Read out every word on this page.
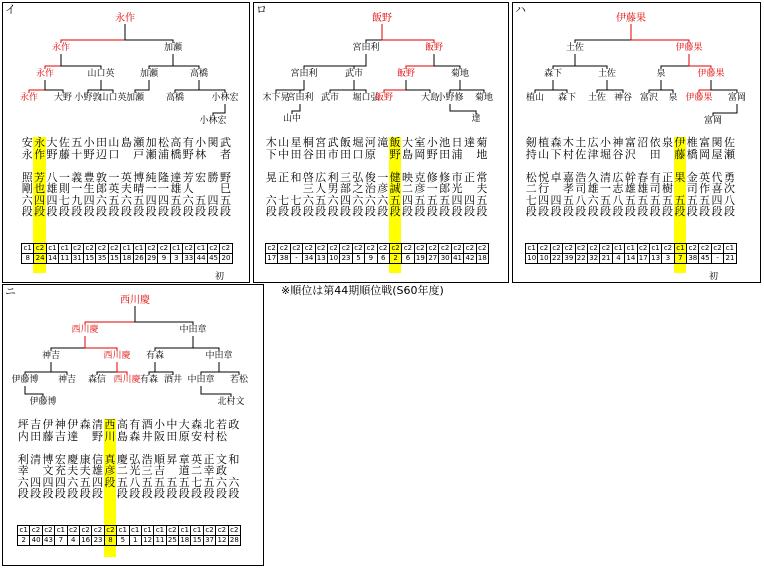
イ
永作
永作	加瀬
永作	山口英	加瀬	高橋
永作 大野 小野敦
山口英 加瀬 高橋	小林宏
小林宏
安
永
照
剛
六
段
永
作
芳
也
四
段
大
野
八
雄
四
段
佐
藤
一
則
七
段
五
十
義
一
九
段
小
野
豊
生
四
段
田
辺
敦
郎
六
段
山
口
一
英
五
段
島
英
夫
六
段
瀬
戸
博
晴
五
段
加
瀬
純
一
四
段
松
浦
隆
一
四
段
高
橋
達
雄
五
段
有
野
芳
人
六
段
小
林
宏
五
段
関
勝
四
段
武
者
野
巳
五
段
c1	c2	c1	c1	c2	c2	c2	c2	c1	c1	c2	c2	c1	c2	c1	c2	c2
8	24	14	11	31	15	35	15	18	26	29	9	3	33	44	45	20
初
ロ
飯野
宮田利	飯野
宮田利	武市	飯野	菊地
木下晃
宮田利 武市 堀口弘
飯野	大島
小野修 菊地
山中	達
木
下
晃
六
段
山
中
正
七
段
星
田
和
七
段
桐
谷
啓
三
六
段
宮
田
広
人
五
段
武
市
利
男
六
段
飯
田
三
部
四
段
堀
口
弘
之
六
段
河
原
俊
治
六
段
滝
一
彦
六
段
飯
野
健
誠
五
段
大
島
映
二
四
段
室
岡
克
彦
五
段
小
野
修
一
五
段
池
田
修
郎
五
段
日
浦
市
光
四
段
達
正
四
段
菊
地
常
夫
五
段
c2	c2	c2	c2	c2	c2	c2	c2	c2	c2	c2	c2	c2	c2	c2	c2	c2	c2
17	38	-	34	13	10	23	5	9	6	2	6	19	27	30	41	42	18
ハ
伊藤果
土佐	伊藤果
森下	土佐	泉	伊藤果
植山 森下 土佐 神谷 富沢 泉 伊藤果 富岡
富岡
剱
持
松
二
七
段
植
山
悦
行
四
段
森
下
卓
四
段
木
村
嘉
孝
五
段
土
佐
浩
司
八
段
広
津
久
雄
六
段
小
堀
清
一
五
段
神
谷
広
志
八
段
富
沢
幹
雄
五
段
沼
春
雄
五
段
依
田
有
司
五
段
泉
正
樹
五
段
伊
藤
果
五
段
椎
橋
金
司
五
段
富
岡
英
作
五
段
関
屋
代
喜
四
段
佐
瀬
勇
次
八
段
c1	c2	c2	c2	c2	c2	c2	c1	c1	c2	c1	c2	c1	c2	c2	c2	c1
10	10	22	39	22	32	21	4	14	17	13	3	7	38	45	-	21
初
ニ
西川慶
西川慶	中田章
神吉	西川慶 有森	中田章
伊藤博 神吉 森信 西川慶 有森 酒井 中田章 若松
伊藤博	北村文
坪
内
利
幸
六
段
吉
田
清
四
段
伊
藤
博
文
四
段
神
吉
宏
充
四
段
伊
達
慶
夫
六
段
森
康
夫
五
段
清
野
信
雄
四
段
西
川
真
彦
段
高
島
慶
二
五
段
有
森
弘
光
八
段
酒
井
浩
三
五
段
小
阪
順
吉
五
段
中
田
昇
五
段
大
原
章
道
五
段
森
安
英
二
七
段
北
村
正
幸
五
段
若
松
文
政
六
段
政
和
六
段
c1	c2	c2	c1	c2	c2	c2	c2	c1	c1	c1	c1	c2	c1	c1	c2	c2	c2
2	40	43	7	4	16	23	8	5	1	12	11	25	18	15	37	12	28
※順位は第44期順位戦(S60年度)
